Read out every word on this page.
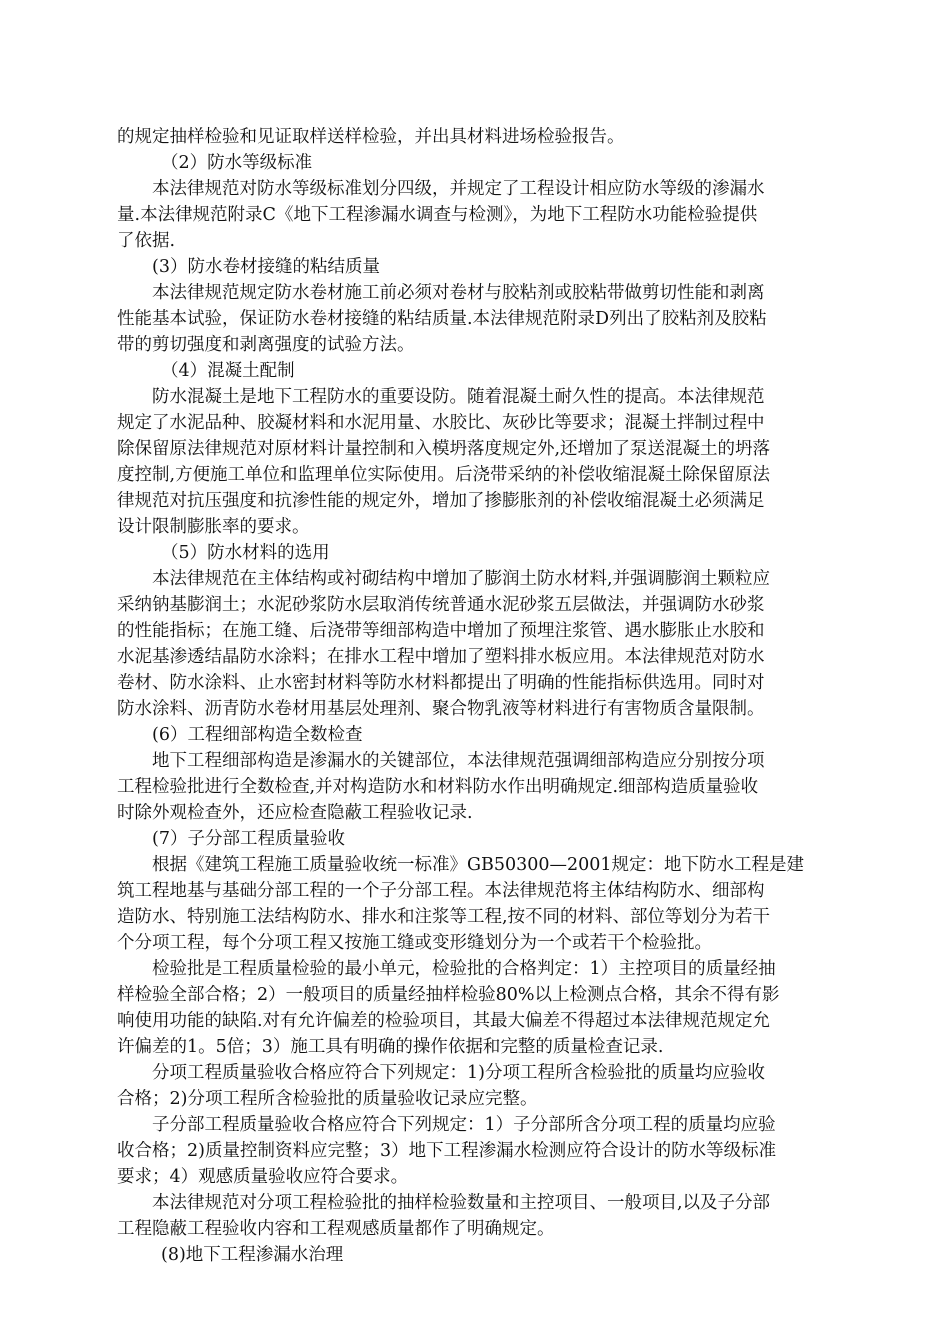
的规定抽样检验和见证取样送样检验，并出具材料进场检验报告。
（2）防水等级标准
本法律规范对防水等级标准划分四级，并规定了工程设计相应防水等级的渗漏水
量.本法律规范附录C《地下工程渗漏水调查与检测》，为地下工程防水功能检验提供
了依据.
(3）防水卷材接缝的粘结质量
本法律规范规定防水卷材施工前必须对卷材与胶粘剂或胶粘带做剪切性能和剥离
性能基本试验，保证防水卷材接缝的粘结质量.本法律规范附录D列出了胶粘剂及胶粘
带的剪切强度和剥离强度的试验方法。
（4）混凝土配制
防水混凝土是地下工程防水的重要设防。随着混凝土耐久性的提高。本法律规范
规定了水泥品种、胶凝材料和水泥用量、水胶比、灰砂比等要求；混凝土拌制过程中
除保留原法律规范对原材料计量控制和入模坍落度规定外,还增加了泵送混凝土的坍落
度控制,方便施工单位和监理单位实际使用。后浇带采纳的补偿收缩混凝土除保留原法
律规范对抗压强度和抗渗性能的规定外，增加了掺膨胀剂的补偿收缩混凝土必须满足
设计限制膨胀率的要求。
（5）防水材料的选用
本法律规范在主体结构或衬砌结构中增加了膨润土防水材料,并强调膨润土颗粒应
采纳钠基膨润土；水泥砂浆防水层取消传统普通水泥砂浆五层做法，并强调防水砂浆
的性能指标；在施工缝、后浇带等细部构造中增加了预埋注浆管、遇水膨胀止水胶和
水泥基渗透结晶防水涂料；在排水工程中增加了塑料排水板应用。本法律规范对防水
卷材、防水涂料、止水密封材料等防水材料都提出了明确的性能指标供选用。同时对
防水涂料、沥青防水卷材用基层处理剂、聚合物乳液等材料进行有害物质含量限制。
(6）工程细部构造全数检查
地下工程细部构造是渗漏水的关键部位，本法律规范强调细部构造应分别按分项
工程检验批进行全数检查,并对构造防水和材料防水作出明确规定.细部构造质量验收
时除外观检查外，还应检查隐蔽工程验收记录.
(7）子分部工程质量验收
根据《建筑工程施工质量验收统一标准》GB50300—2001规定：地下防水工程是建
筑工程地基与基础分部工程的一个子分部工程。本法律规范将主体结构防水、细部构
造防水、特别施工法结构防水、排水和注浆等工程,按不同的材料、部位等划分为若干
个分项工程，每个分项工程又按施工缝或变形缝划分为一个或若干个检验批。
检验批是工程质量检验的最小单元，检验批的合格判定：1）主控项目的质量经抽
样检验全部合格；2）一般项目的质量经抽样检验80%以上检测点合格，其余不得有影
响使用功能的缺陷.对有允许偏差的检验项目，其最大偏差不得超过本法律规范规定允
许偏差的1。5倍；3）施工具有明确的操作依据和完整的质量检查记录.
分项工程质量验收合格应符合下列规定：1)分项工程所含检验批的质量均应验收
合格；2)分项工程所含检验批的质量验收记录应完整。
子分部工程质量验收合格应符合下列规定：1）子分部所含分项工程的质量均应验
收合格；2)质量控制资料应完整；3）地下工程渗漏水检测应符合设计的防水等级标准
要求；4）观感质量验收应符合要求。
本法律规范对分项工程检验批的抽样检验数量和主控项目、一般项目,以及子分部
工程隐蔽工程验收内容和工程观感质量都作了明确规定。
(8)地下工程渗漏水治理
